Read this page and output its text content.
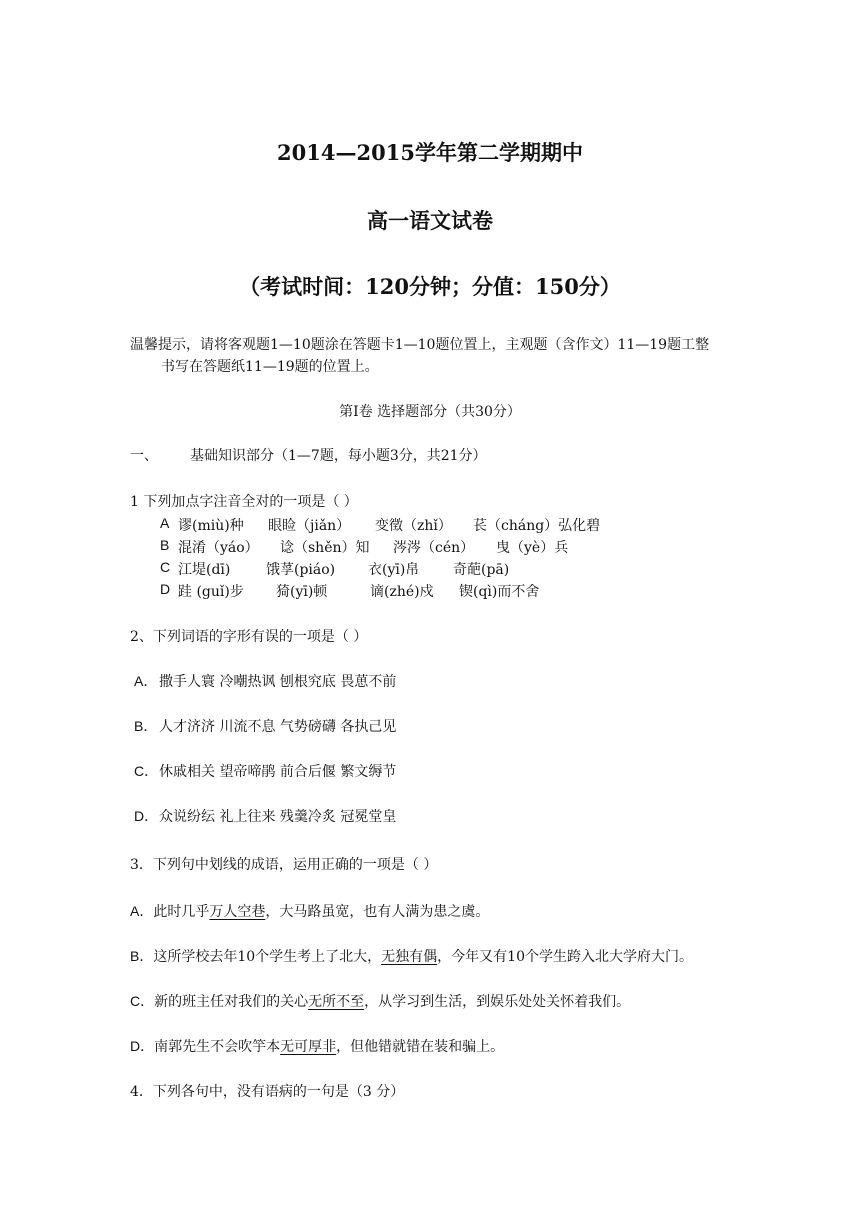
2014—2015学年第二学期期中
高一语文试卷
（考试时间：120分钟；分值：150分）
温馨提示，请将客观题1—10题涂在答题卡1—10题位置上，主观题（含作文）11—19题工整
书写在答题纸11—19题的位置上。
第Ⅰ卷 选择题部分（共30分）
一、 基础知识部分（1—7题，每小题3分，共21分）
1 下列加点字注音全对的一项是（ ）
A 谬(miù)种 眼睑（jiǎn） 变徵（zhǐ） 苌（cháng）弘化碧
B 混淆（yáo） 谂（shěn）知 涔涔（cén） 曳（yè）兵
C 江堤(dī)	饿莩(piáo) 衣(yī)帛 奇葩(pā)
D 跬 (guǐ)步 猗(yī)顿	谪(zhé)戍 锲(qì)而不舍
2、下列词语的字形有误的一项是（ ）
A． 撒手人寰 冷嘲热讽 刨根究底 畏葸不前
B． 人才济济 川流不息 气势磅礴 各执己见
C． 休戚相关 望帝啼鹃 前合后偃 繁文缛节
D． 众说纷纭 礼上往来 残羹冷炙 冠冕堂皇
3．下列句中划线的成语，运用正确的一项是（ ）
A．此时几乎万人空巷，大马路虽宽，也有人满为患之虞。
B．这所学校去年10个学生考上了北大，无独有偶，今年又有10个学生跨入北大学府大门。
C．新的班主任对我们的关心无所不至，从学习到生活，到娱乐处处关怀着我们。
D．南郭先生不会吹竽本无可厚非，但他错就错在装和骗上。
4．下列各句中，没有语病的一句是（3 分）
